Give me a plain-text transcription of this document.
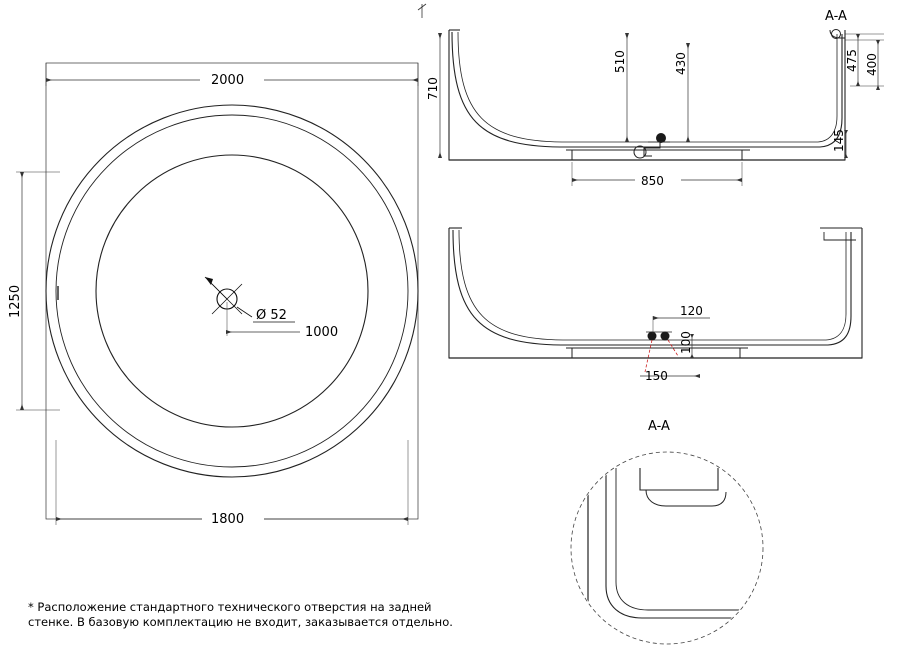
Ø 52
1000
2000
1800
1250
A-A
710
510	430	475 400
145
850
120
100
150
A-A
* Расположение стандартного технического отверстия на задней стенке. В базовую комплектацию не входит, заказывается отдельно.
